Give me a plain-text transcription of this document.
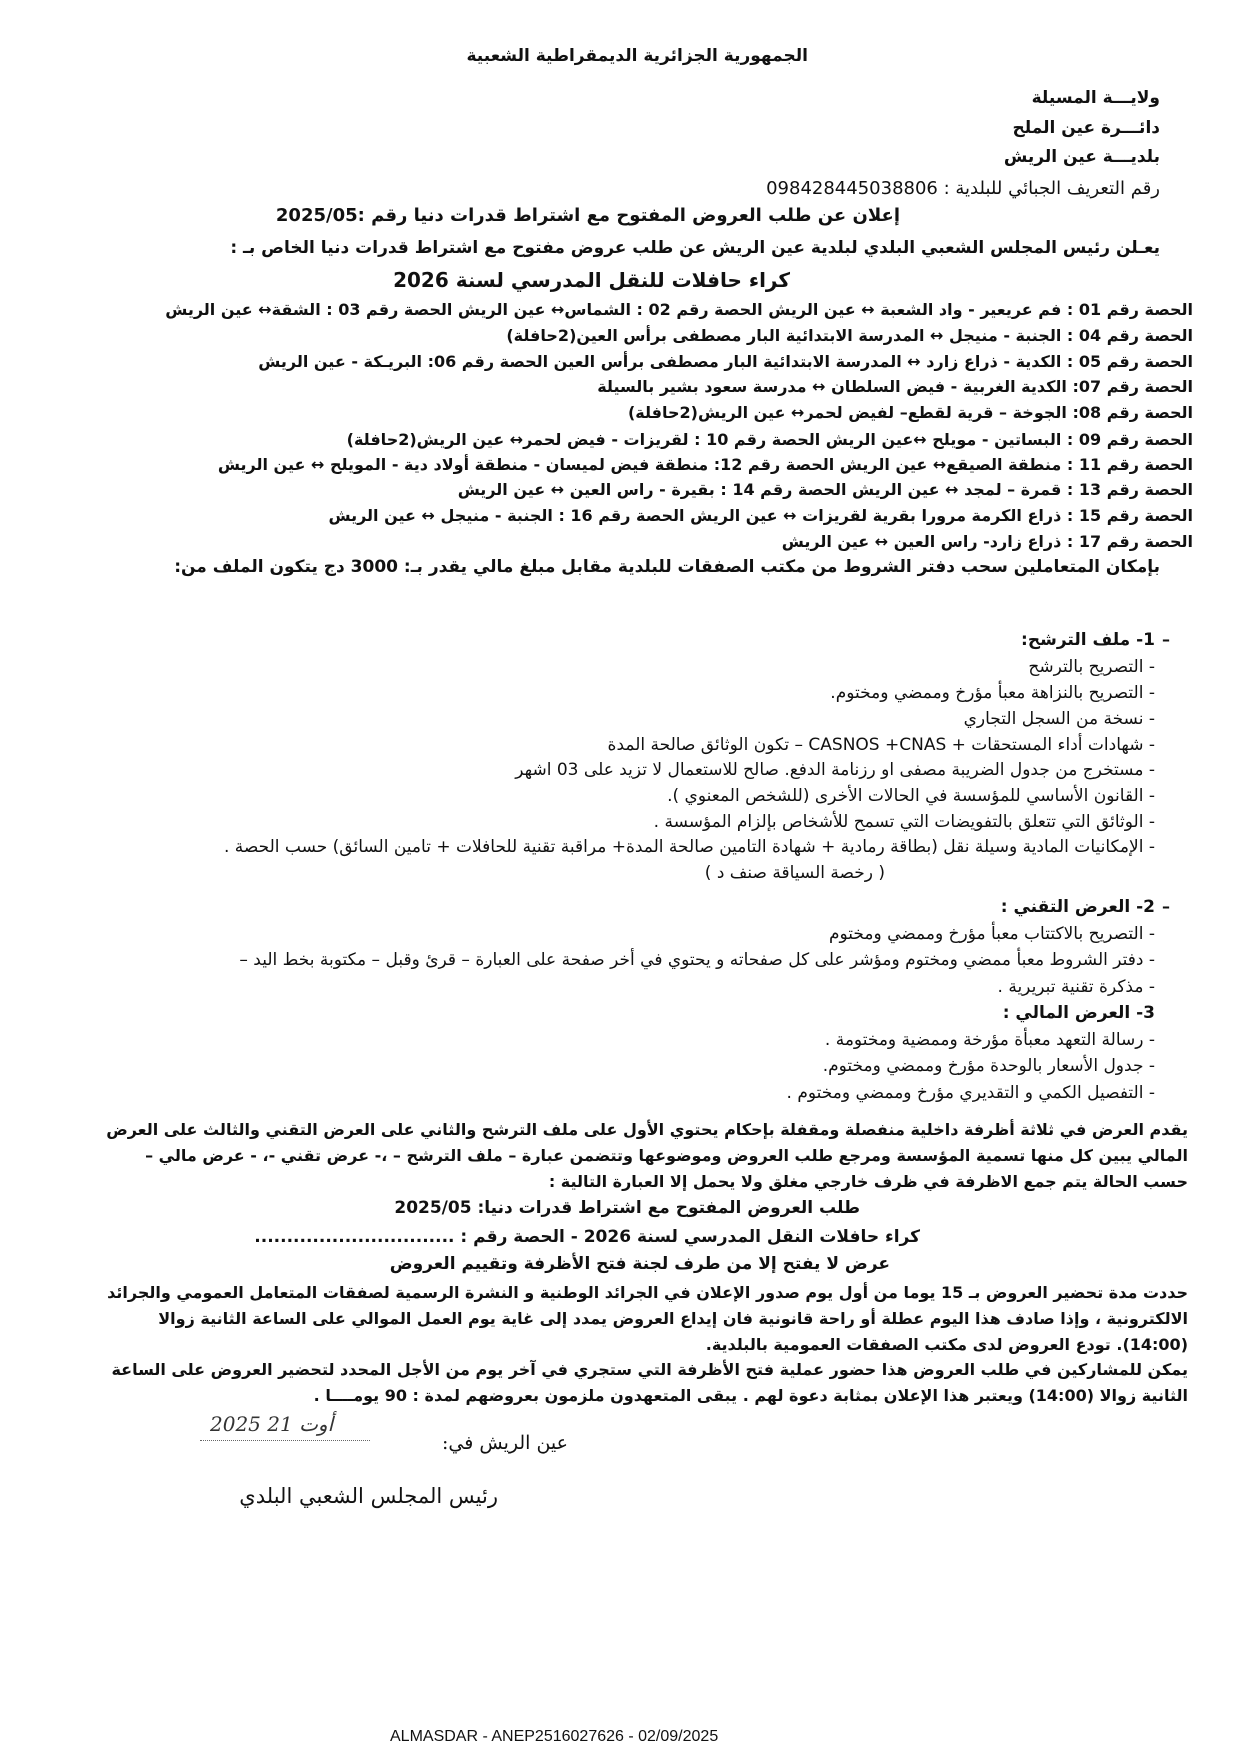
الجمهورية الجزائرية الديمقراطية الشعبية
ولايـــة المسيلة
دائـــرة عين الملح
بلديـــة عين الريش
رقم التعريف الجبائي للبلدية : 098428445038806
إعلان عن طلب العروض المفتوح مع اشتراط قدرات دنيا رقم :2025/05
يعـلن رئيس المجلس الشعبي البلدي لبلدية عين الريش عن طلب عروض مفتوح مع اشتراط قدرات دنيا الخاص بـ :
كراء حافلات للنقل المدرسي لسنة 2026
الحصة رقم 01 : فم عريعير - واد الشعبة ↔ عين الريش الحصة رقم 02 : الشماس↔ عين الريش الحصة رقم 03 : الشقة↔ عين الريش
الحصة رقم 04 : الجنبة - منيجل ↔ المدرسة الابتدائية البار مصطفى برأس العين(2حافلة)
الحصة رقم 05 : الكدية - ذراع زارد ↔ المدرسة الابتدائية البار مصطفى برأس العين الحصة رقم 06: البريـكة - عين الريش
الحصة رقم 07: الكدية الغربية - فيض السلطان ↔ مدرسة سعود بشير بالسيلة
الحصة رقم 08: الجوخة – قرية لقطع– لفيض لحمر↔ عين الريش(2حافلة)
الحصة رقم 09 : البساتين - مويلح ↔عين الريش الحصة رقم 10 : لقريزات - فيض لحمر↔ عين الريش(2حافلة)
الحصة رقم 11 : منطقة الصيقع↔ عين الريش الحصة رقم 12: منطقة فيض لميسان - منطقة أولاد دية - المويلح ↔ عين الريش
الحصة رقم 13 : قمرة – لمجد ↔ عين الريش الحصة رقم 14 : بقيرة - راس العين ↔ عين الريش
الحصة رقم 15 : ذراع الكرمة مرورا بقرية لقريزات ↔ عين الريش الحصة رقم 16 : الجنبة - منيجل ↔ عين الريش
الحصة رقم 17 : ذراع زارد- راس العين ↔ عين الريش
بإمكان المتعاملين سحب دفتر الشروط من مكتب الصفقات للبلدية مقابل مبلغ مالي يقدر بـ: 3000 دج يتكون الملف من:
–
1- ملف الترشح:
- التصريح بالترشح
- التصريح بالنزاهة معبأ مؤرخ وممضي ومختوم.
- نسخة من السجل التجاري
- شهادات أداء المستحقات + CASNOS +CNAS – تكون الوثائق صالحة المدة
- مستخرج من جدول الضريبة مصفى او رزنامة الدفع. صالح للاستعمال لا تزيد على 03 اشهر
- القانون الأساسي للمؤسسة في الحالات الأخرى (للشخص المعنوي ).
- الوثائق التي تتعلق بالتفويضات التي تسمح للأشخاص بإلزام المؤسسة .
- الإمكانيات المادية وسيلة نقل (بطاقة رمادية + شهادة التامين صالحة المدة+ مراقبة تقنية للحافلات + تامين السائق) حسب الحصة .
( رخصة السياقة صنف د )
–
2- العرض التقني :
- التصريح بالاكتتاب معبأ مؤرخ وممضي ومختوم
- دفتر الشروط معبأ ممضي ومختوم ومؤشر على كل صفحاته و يحتوي في أخر صفحة على العبارة – قرئ وقبل – مكتوبة بخط اليد –
- مذكرة تقنية تبريرية .
3- العرض المالي :
- رسالة التعهد معبأة مؤرخة وممضية ومختومة .
- جدول الأسعار بالوحدة مؤرخ وممضي ومختوم.
- التفصيل الكمي و التقديري مؤرخ وممضي ومختوم .
يقدم العرض في ثلاثة أظرفة داخلية منفصلة ومقفلة بإحكام يحتوي الأول على ملف الترشح والثاني على العرض التقني والثالث على العرض
المالي يبين كل منها تسمية المؤسسة ومرجع طلب العروض وموضوعها وتتضمن عبارة – ملف الترشح – ،- عرض تقني -، - عرض مالي –
حسب الحالة يتم جمع الاظرفة في ظرف خارجي مغلق ولا يحمل إلا العبارة التالية :
طلب العروض المفتوح مع اشتراط قدرات دنيا: 2025/05
كراء حافلات النقل المدرسي لسنة 2026 - الحصة رقم : ...............................
عرض لا يفتح إلا من طرف لجنة فتح الأظرفة وتقييم العروض
حددت مدة تحضير العروض بـ 15 يوما من أول يوم صدور الإعلان في الجرائد الوطنية و النشرة الرسمية لصفقات المتعامل العمومي والجرائد
الالكترونية ، وإذا صادف هذا اليوم عطلة أو راحة قانونية فان إيداع العروض يمدد إلى غاية يوم العمل الموالي على الساعة الثانية زوالا
(14:00). تودع العروض لدى مكتب الصفقات العمومية بالبلدية.
يمكن للمشاركين في طلب العروض هذا حضور عملية فتح الأظرفة التي ستجري في آخر يوم من الأجل المحدد لتحضير العروض على الساعة
الثانية زوالا (14:00) ويعتبر هذا الإعلان بمثابة دعوة لهم . يبقى المتعهدون ملزمون بعروضهم لمدة : 90 يومــــا .
عين الريش في:
2025 أوت 21
رئيس المجلس الشعبي البلدي
ALMASDAR - ANEP2516027626 - 02/09/2025
